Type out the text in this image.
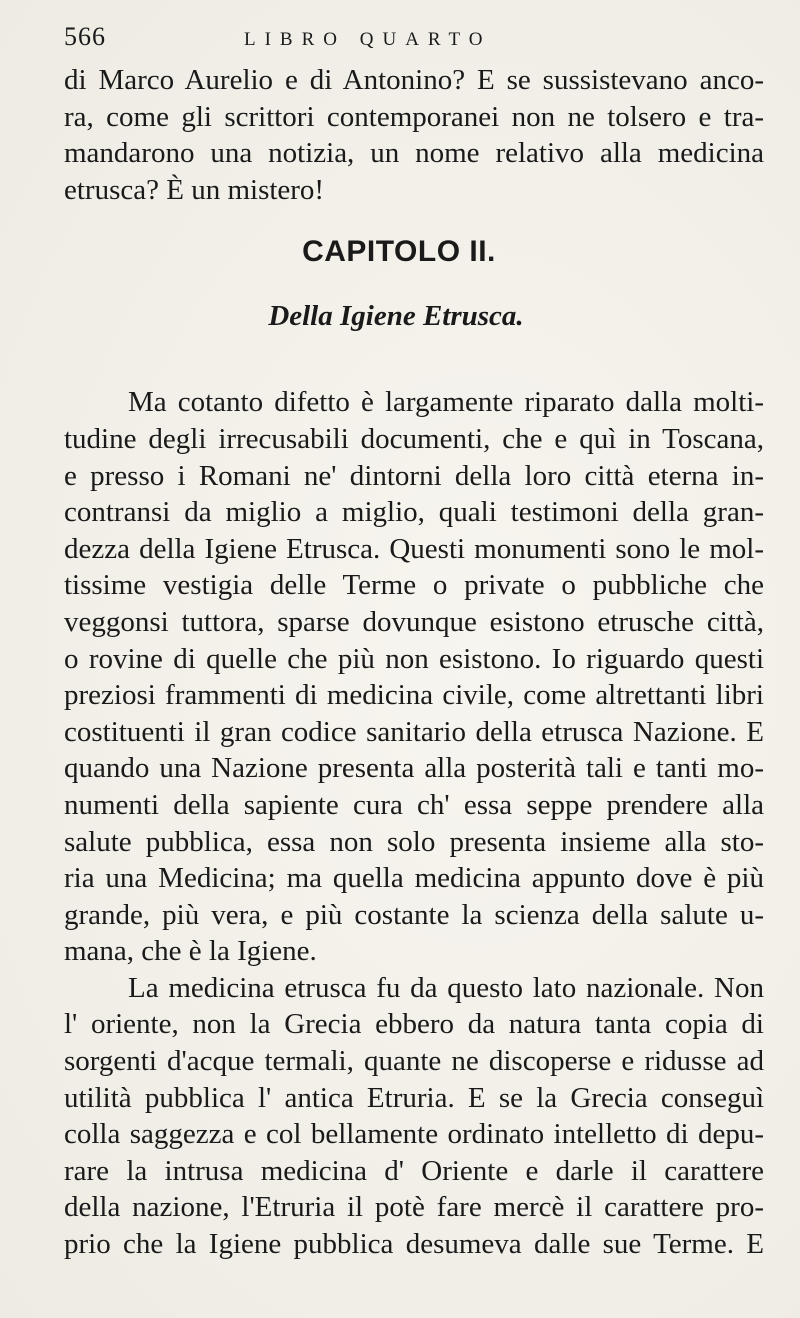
566	LIBRO QUARTO
di Marco Aurelio e di Antonino? E se sussistevano anco-
ra, come gli scrittori contemporanei non ne tolsero e tra-
mandarono una notizia, un nome relativo alla medicina
etrusca? È un mistero!
CAPITOLO II.
Della Igiene Etrusca.
Ma cotanto difetto è largamente riparato dalla molti-
tudine degli irrecusabili documenti, che e quì in Toscana,
e presso i Romani ne' dintorni della loro città eterna in-
contransi da miglio a miglio, quali testimoni della gran-
dezza della Igiene Etrusca. Questi monumenti sono le mol-
tissime vestigia delle Terme o private o pubbliche che
veggonsi tuttora, sparse dovunque esistono etrusche città,
o rovine di quelle che più non esistono. Io riguardo questi
preziosi frammenti di medicina civile, come altrettanti libri
costituenti il gran codice sanitario della etrusca Nazione. E
quando una Nazione presenta alla posterità tali e tanti mo-
numenti della sapiente cura ch' essa seppe prendere alla
salute pubblica, essa non solo presenta insieme alla sto-
ria una Medicina; ma quella medicina appunto dove è più
grande, più vera, e più costante la scienza della salute u-
mana, che è la Igiene.
La medicina etrusca fu da questo lato nazionale. Non
l' oriente, non la Grecia ebbero da natura tanta copia di
sorgenti d'acque termali, quante ne discoperse e ridusse ad
utilità pubblica l' antica Etruria. E se la Grecia conseguì
colla saggezza e col bellamente ordinato intelletto di depu-
rare la intrusa medicina d' Oriente e darle il carattere
della nazione, l'Etruria il potè fare mercè il carattere pro-
prio che la Igiene pubblica desumeva dalle sue Terme. E
